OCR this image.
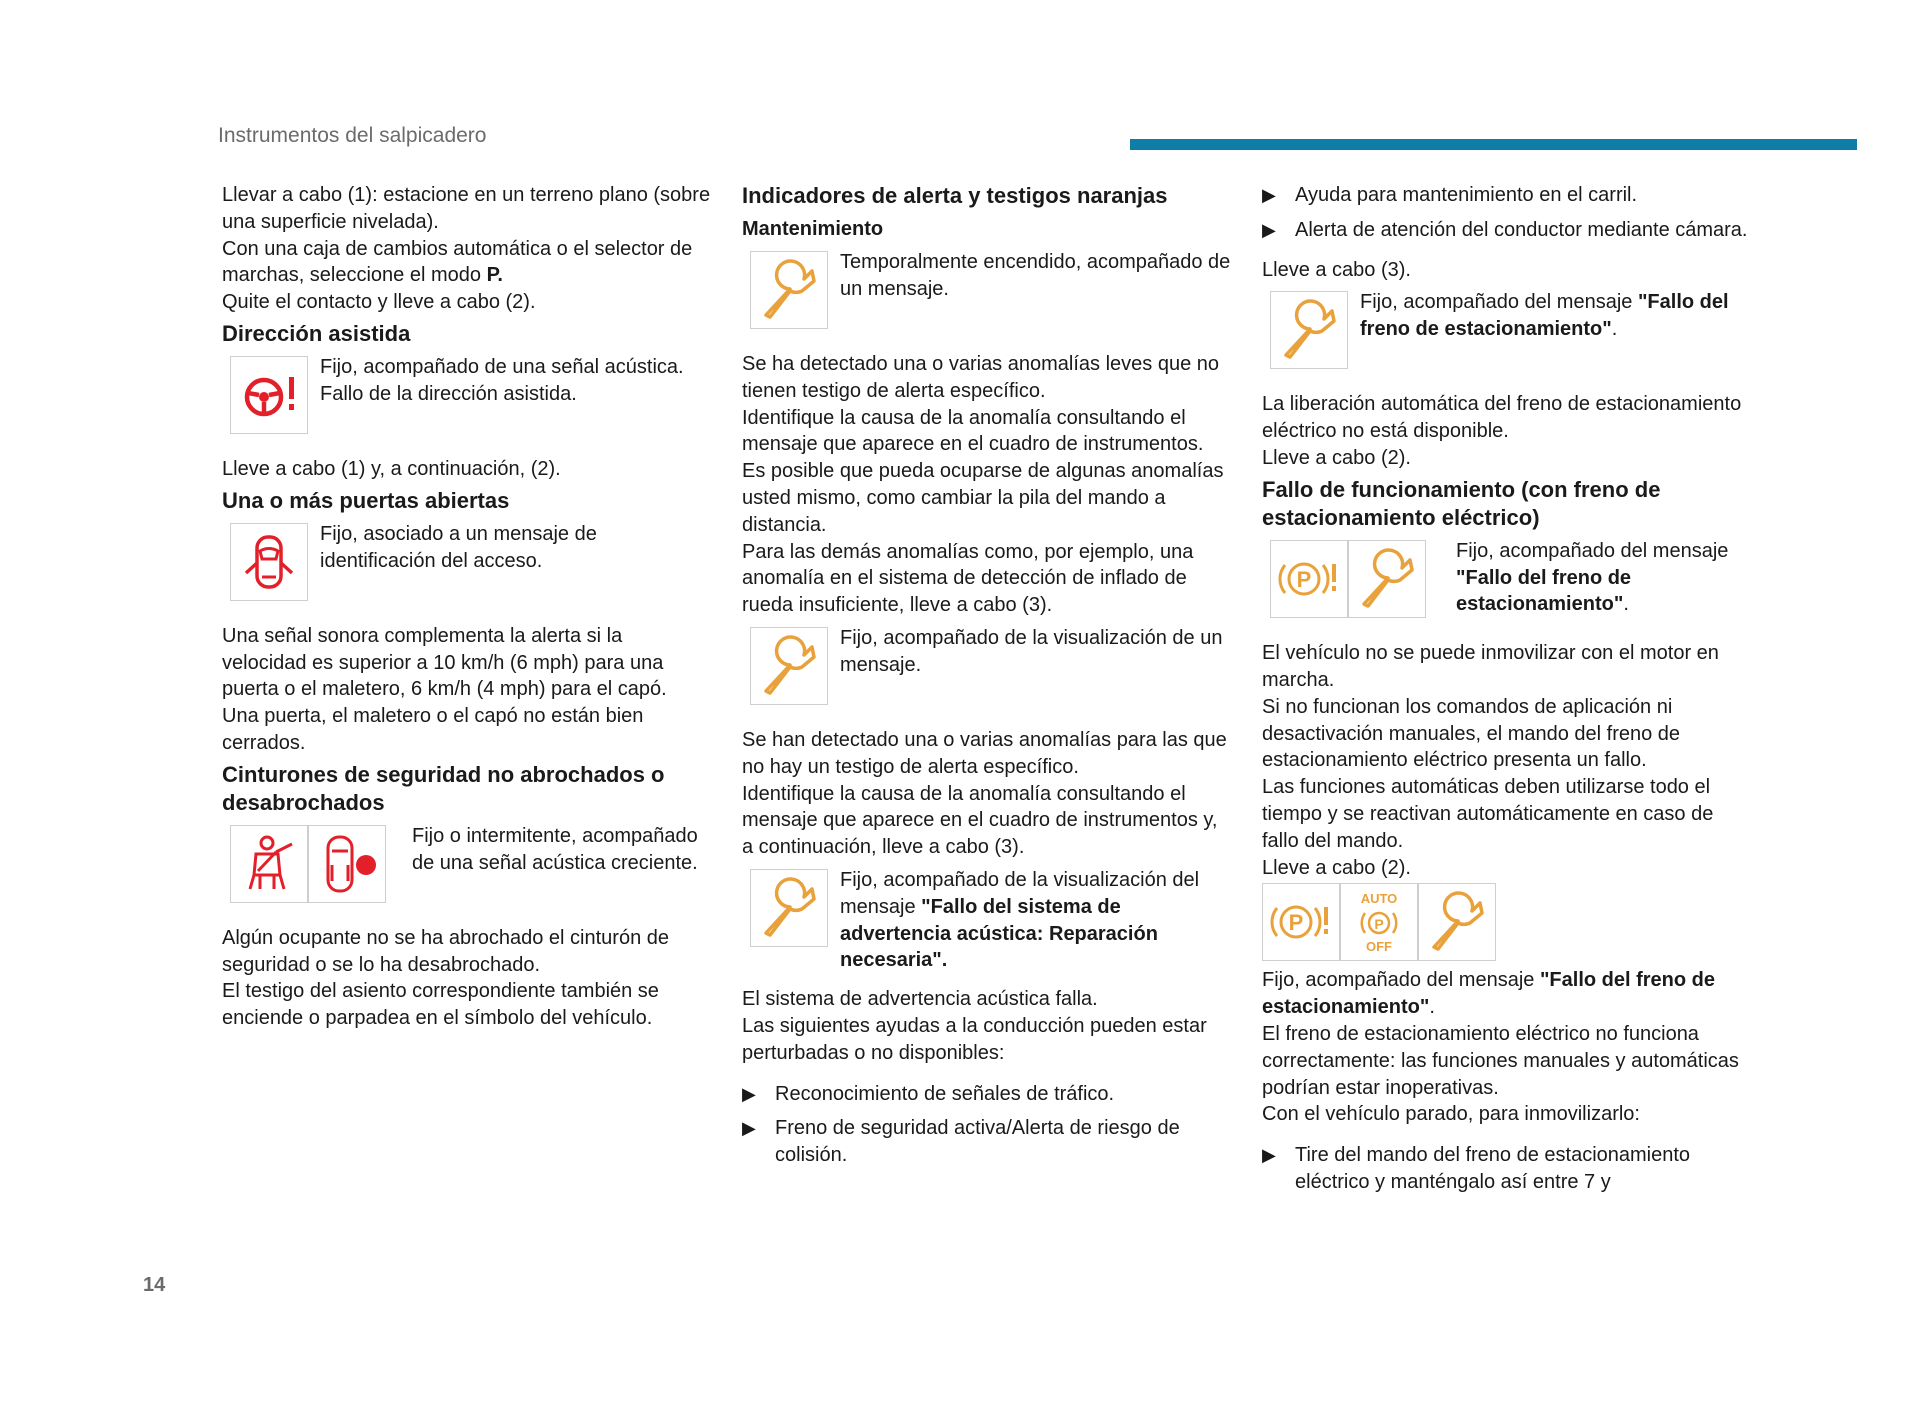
Instrumentos del salpicadero

Llevar a cabo (1): estacione en un terreno plano (sobre una superficie nivelada).

Con una caja de cambios automática o el selector de marchas, seleccione el modo P.

Quite el contacto y lleve a cabo (2).

Dirección asistida
Fijo, acompañado de una señal acústica.
Fallo de la dirección asistida.

Lleve a cabo (1) y, a continuación, (2).

Una o más puertas abiertas
Fijo, asociado a un mensaje de identificación del acceso.

Una señal sonora complementa la alerta si la velocidad es superior a 10 km/h (6 mph) para una puerta o el maletero, 6 km/h (4 mph) para el capó.

Una puerta, el maletero o el capó no están bien cerrados.

Cinturones de seguridad no abrochados o desabrochados
Fijo o intermitente, acompañado de una señal acústica creciente.

Algún ocupante no se ha abrochado el cinturón de seguridad o se lo ha desabrochado.

El testigo del asiento correspondiente también se enciende o parpadea en el símbolo del vehículo.

Indicadores de alerta y testigos naranjas
Mantenimiento
Temporalmente encendido, acompañado de un mensaje.

Se ha detectado una o varias anomalías leves que no tienen testigo de alerta específico.

Identifique la causa de la anomalía consultando el mensaje que aparece en el cuadro de instrumentos.

Es posible que pueda ocuparse de algunas anomalías usted mismo, como cambiar la pila del mando a distancia.

Para las demás anomalías como, por ejemplo, una anomalía en el sistema de detección de inflado de rueda insuficiente, lleve a cabo (3).

Fijo, acompañado de la visualización de un mensaje.

Se han detectado una o varias anomalías para las que no hay un testigo de alerta específico.

Identifique la causa de la anomalía consultando el mensaje que aparece en el cuadro de instrumentos y, a continuación, lleve a cabo (3).

Fijo, acompañado de la visualización del mensaje "Fallo del sistema de advertencia acústica: Reparación necesaria".

El sistema de advertencia acústica falla.

Las siguientes ayudas a la conducción pueden estar perturbadas o no disponibles:

▶ Reconocimiento de señales de tráfico.
▶ Freno de seguridad activa/Alerta de riesgo de colisión.
▶ Ayuda para mantenimiento en el carril.
▶ Alerta de atención del conductor mediante cámara.

Lleve a cabo (3).

Fijo, acompañado del mensaje "Fallo del freno de estacionamiento".

La liberación automática del freno de estacionamiento eléctrico no está disponible.

Lleve a cabo (2).

Fallo de funcionamiento (con freno de estacionamiento eléctrico)
P
Fijo, acompañado del mensaje "Fallo del freno de estacionamiento".

El vehículo no se puede inmovilizar con el motor en marcha.

Si no funcionan los comandos de aplicación ni desactivación manuales, el mando del freno de estacionamiento eléctrico presenta un fallo.

Las funciones automáticas deben utilizarse todo el tiempo y se reactivan automáticamente en caso de fallo del mando.

Lleve a cabo (2).

P
AUTO
P
OFF

Fijo, acompañado del mensaje "Fallo del freno de estacionamiento".

El freno de estacionamiento eléctrico no funciona correctamente: las funciones manuales y automáticas podrían estar inoperativas.

Con el vehículo parado, para inmovilizarlo:

▶ Tire del mando del freno de estacionamiento eléctrico y manténgalo así entre 7 y
14
